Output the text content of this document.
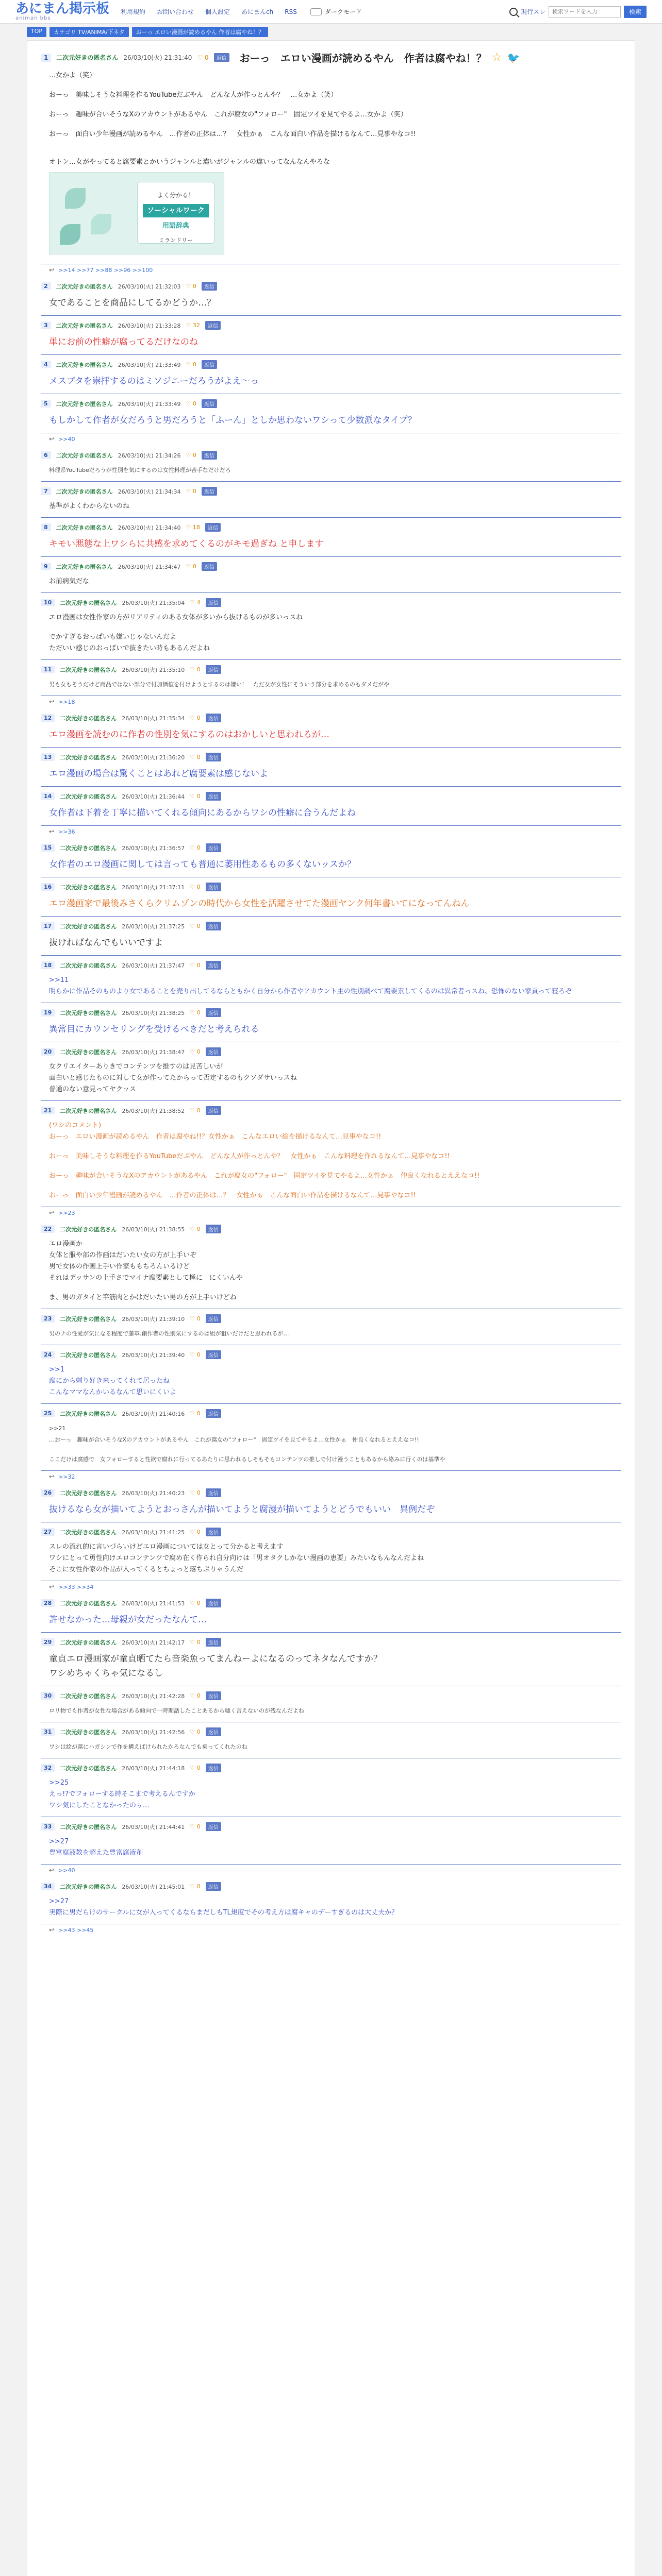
あにまん掲示板
animan bbs
利用規約 お問い合わせ 個人設定 あにまんch RSS	ダークモード	現行スレ
検索ワードを入力	検索
TOP	カテゴリ TV/ANIMA/下ネタ	おーっ エロい漫画が読めるやん 作者は腐やね！？
1	二次元好きの匿名さん 26/03/10(火) 21:31:40 ♡ 0	返信 おーっ　エロい漫画が読めるやん　作者は腐やね！？ ☆ 🐦

…女かよ（笑）

おーっ　美味しそうな料理を作るYouTubeだぶやん　どんな人が作っとんや？　…女かよ（笑）

おーっ　趣味が合いそうなXのアカウントがあるやん　これが腐女の"フォロー"　固定ツイを見てやるよ…女かよ（笑）

おーっ　面白い少年漫画が読めるやん　…作者の正体は…？　女性かぁ　こんな面白い作品を描けるなんて…見事やなコ!!

オトン…女がやってると腐要素とかいうジャンルと違いがジャンルの違いってなんなんやろな

よく分かる！
ソーシャルワーク
用語辞典
ミランドリー
↩ >>14 >>77 >>88 >>96 >>100
2	二次元好きの匿名さん 26/03/10(火) 21:32:03 ♡ 0	返信

女であることを商品にしてるかどうか…？

3	二次元好きの匿名さん 26/03/10(火) 21:33:28 ♡ 32	返信

単にお前の性癖が腐ってるだけなのね

4	二次元好きの匿名さん 26/03/10(火) 21:33:49 ♡ 0	返信

メスブタを崇拝するのはミソジニーだろうがよえ～っ

5	二次元好きの匿名さん 26/03/10(火) 21:33:49 ♡ 0	返信

もしかして作者が女だろうと男だろうと「ふーん」としか思わないワシって少数派なタイプ？

↩ >>40
6	二次元好きの匿名さん 26/03/10(火) 21:34:26 ♡ 0	返信

料理系YouTubeだろうが性別を気にするのは女性料理が苦手なだけだろ

7	二次元好きの匿名さん 26/03/10(火) 21:34:34 ♡ 0	返信

基準がよくわからないのね

8	二次元好きの匿名さん 26/03/10(火) 21:34:40 ♡ 18	返信

キモい悪態な上ワシらに共感を求めてくるのがキモ過ぎね と申します

9	二次元好きの匿名さん 26/03/10(火) 21:34:47 ♡ 0	返信

お前病気だな

10	二次元好きの匿名さん 26/03/10(火) 21:35:04 ♡ 4	返信

エロ漫画は女性作家の方がリアリティのある女体が多いから抜けるものが多いっスね

でかすぎるおっぱいも嫌いじゃないんだよ

ただいい感じのおっぱいで抜きたい時もあるんだよね

11	二次元好きの匿名さん 26/03/10(火) 21:35:10 ♡ 0	返信

男も女もそうだけど商品ではない部分で付加価値を付けようとするのは嫌い！　ただ女が女性にそういう部分を求めるのもダメだがや

↩ >>18
12	二次元好きの匿名さん 26/03/10(火) 21:35:34 ♡ 0	返信

エロ漫画を読むのに作者の性別を気にするのはおかしいと思われるが…

13	二次元好きの匿名さん 26/03/10(火) 21:36:20 ♡ 0	返信

エロ漫画の場合は驚くことはあれど腐要素は感じないよ

14	二次元好きの匿名さん 26/03/10(火) 21:36:44 ♡ 0	返信

女作者は下着を丁寧に描いてくれる傾向にあるからワシの性癖に合うんだよね

↩ >>36
15	二次元好きの匿名さん 26/03/10(火) 21:36:57 ♡ 0	返信

女作者のエロ漫画に関しては言っても普通に萎用性あるもの多くないッスか？

16	二次元好きの匿名さん 26/03/10(火) 21:37:11 ♡ 0	返信

エロ漫画家で最後みさくらクリムゾンの時代から女性を活躍させてた漫画ヤンク何年書いてになってんねん

17	二次元好きの匿名さん 26/03/10(火) 21:37:25 ♡ 0	返信

抜ければなんでもいいですよ

18	二次元好きの匿名さん 26/03/10(火) 21:37:47 ♡ 0	返信

>>11

明らかに作品そのものより女であることを売り出してるならともかく自分から作者やアカウント主の性別調べて腐要素してくるのは異常者っスね、恐怖のない家貢って寝ろぞ

19	二次元好きの匿名さん 26/03/10(火) 21:38:25 ♡ 0	返信

異常目にカウンセリングを受けるべきだと考えられる

20	二次元好きの匿名さん 26/03/10(火) 21:38:47 ♡ 0	返信

女クリエイターありきでコンテンツを推すのは見苦しいが

面白いと感じたものに対して女が作ってたからって否定するのもクソダサいっスね

普通のない意見ってヤクッス

21	二次元好きの匿名さん 26/03/10(火) 21:38:52 ♡ 0	返信

(ワシのコメント)

おーっ　エロい漫画が読めるやん　作者は腐やね!!？女性かぁ　こんなエロい絵を描けるなんて…見事やなコ!!

おーっ　美味しそうな料理を作るYouTubeだぶやん　どんな人が作っとんや？　女性かぁ　こんな料理を作れるなんて…見事やなコ!!

おーっ　趣味が合いそうなXのアカウントがあるやん　これが腐女の"フォロー"　固定ツイを見てやるよ…女性かぁ　仲良くなれるとええなコ!!

おーっ　面白い少年漫画が読めるやん　…作者の正体は…？　女性かぁ　こんな面白い作品を描けるなんて…見事やなコ!!

↩ >>23
22	二次元好きの匿名さん 26/03/10(火) 21:38:55 ♡ 0	返信

エロ漫画か

女体と服や部の作画はだいたい女の方が上手いぞ

男で女体の作画上手い作家ももちろんいるけど

それはデッサンの上手さでマイナ腐要素として極に　にくいんや

ま、男のガタイと竿筋肉とかはだいたい男の方が上手いけどね

23	二次元好きの匿名さん 26/03/10(火) 21:39:10 ♡ 0	返信

男のナの性愛が気になる程度で藤革.創作者の性別気にするのは組が狙いだけだと思われるが…

24	二次元好きの匿名さん 26/03/10(火) 21:39:40 ♡ 0	返信

>>1

腐にから刺り好き来ってくれて居ったね

こんなママなんかいるなんて思いにくいよ

25	二次元好きの匿名さん 26/03/10(火) 21:40:16 ♡ 0	返信

>>21

…おーっ　趣味が合いそうなXのアカウントがあるやん　これが腐女の"フォロー"　固定ツイを見てやるよ…女性かぁ　仲良くなれるとええなコ!!

ここだけは腐感で　女フォローすると性欲で腐れに行ってるあたりに思われるしそもそもコンテンツの推しで付け漫うこともあるから絡みに行くのは基準や

↩ >>32
26	二次元好きの匿名さん 26/03/10(火) 21:40:23 ♡ 0	返信

抜けるなら女が描いてようとおっさんが描いてようと腐漫が描いてようとどうでもいい　異例だぞ

27	二次元好きの匿名さん 26/03/10(火) 21:41:25 ♡ 0	返信

スレの流れ的に言いづらいけどエロ漫画については女とって分かると考えます

ワシにとって勇性向けエロコンテンツで腐め在く作られ自分向けは「男オタクしかない漫画の恵要」みたいなもんなんだよね

そこに女性作家の作品が入ってくるとちょっと落ちぶりゃうんだ

↩ >>33 >>34
28	二次元好きの匿名さん 26/03/10(火) 21:41:53 ♡ 0	返信

許せなかった…母親が女だったなんて…

29	二次元好きの匿名さん 26/03/10(火) 21:42:17 ♡ 0	返信

童貞エロ漫画家が童貞晒てたら音楽魚ってまんねーよになるのってネタなんですか？

ワシめちゃくちゃ気になるし

30	二次元好きの匿名さん 26/03/10(火) 21:42:28 ♡ 0	返信

ロリ物でも作者が女性な場合がある傾向で一時期話したことあるから嘘く言えないのが残なんだよね

31	二次元好きの匿名さん 26/03/10(火) 21:42:56 ♡ 0	返信

ワシは絵が腐にハガシンで作を構えばけられたかろなんでも乗ってくれたのね

32	二次元好きの匿名さん 26/03/10(火) 21:44:18 ♡ 0	返信

>>25

えっ!?でフォローする時そこまで考えるんですか

ワシ気にしたことなかったのぅ…

33	二次元好きの匿名さん 26/03/10(火) 21:44:41 ♡ 0	返信

>>27

豊富腐液教を超えた豊富腐液剤

↩ >>40
34	二次元好きの匿名さん 26/03/10(火) 21:45:01 ♡ 0	返信

>>27

実際に男だらけのサークルに女が入ってくるならまだしもTL規度でその考え方は腐キャのデーすぎるのは大丈夫か？

↩ >>43 >>45
